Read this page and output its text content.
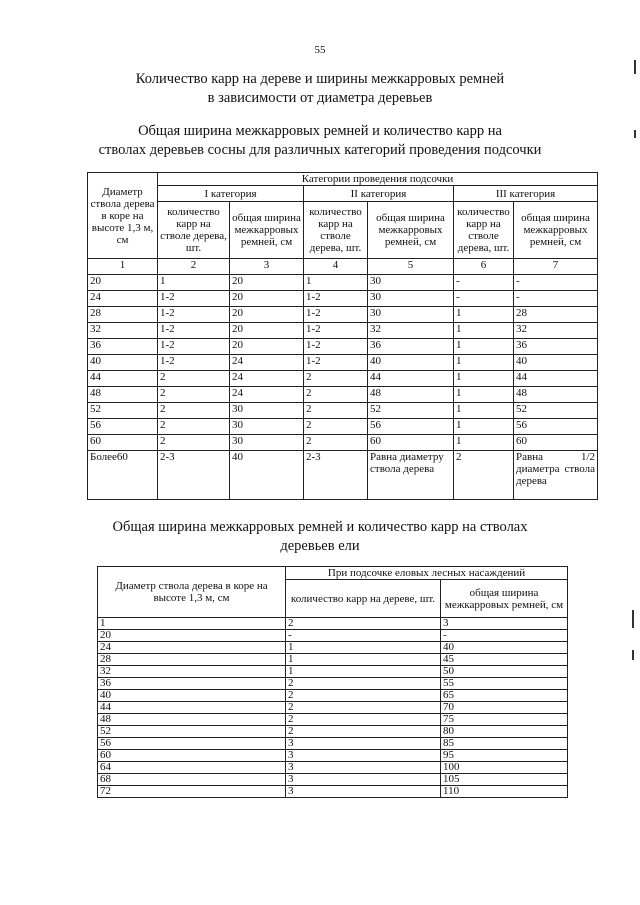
55
Количество карр на дереве и ширины межкарровых ремней
в зависимости от диаметра деревьев
Общая ширина межкарровых ремней и количество карр на
стволах деревьев сосны для различных категорий проведения подсочки
Диаметр ствола дерева в коре на высоте 1,3 м, см	Категории проведения подсочки					
	I категория		II категория		III категория	
	количество карр на стволе дерева, шт.	общая ширина межкарровых ремней, см	количество карр на стволе дерева, шт.	общая ширина межкарровых ремней, см	количество карр на стволе дерева, шт.	общая ширина межкарровых ремней, см
1	2	3	4	5	6	7
20	1	20	1	30	-	-
24	1-2	20	1-2	30	-	-
28	1-2	20	1-2	30	1	28
32	1-2	20	1-2	32	1	32
36	1-2	20	1-2	36	1	36
40	1-2	24	1-2	40	1	40
44	2	24	2	44	1	44
48	2	24	2	48	1	48
52	2	30	2	52	1	52
56	2	30	2	56	1	56
60	2	30	2	60	1	60
Более60	2-3	40	2-3	Равна диаметру ствола дерева	2	Равна 1/2 диаметра ствола дерева
Общая ширина межкарровых ремней и количество карр на стволах
деревьев ели
Диаметр ствола дерева в коре на высоте 1,3 м, см	При подсочке еловых лесных насаждений	
	количество карр на дереве, шт.	общая ширина межкарровых ремней, см
1	2	3
20	-	-
24	1	40
28	1	45
32	1	50
36	2	55
40	2	65
44	2	70
48	2	75
52	2	80
56	3	85
60	3	95
64	3	100
68	3	105
72	3	110
